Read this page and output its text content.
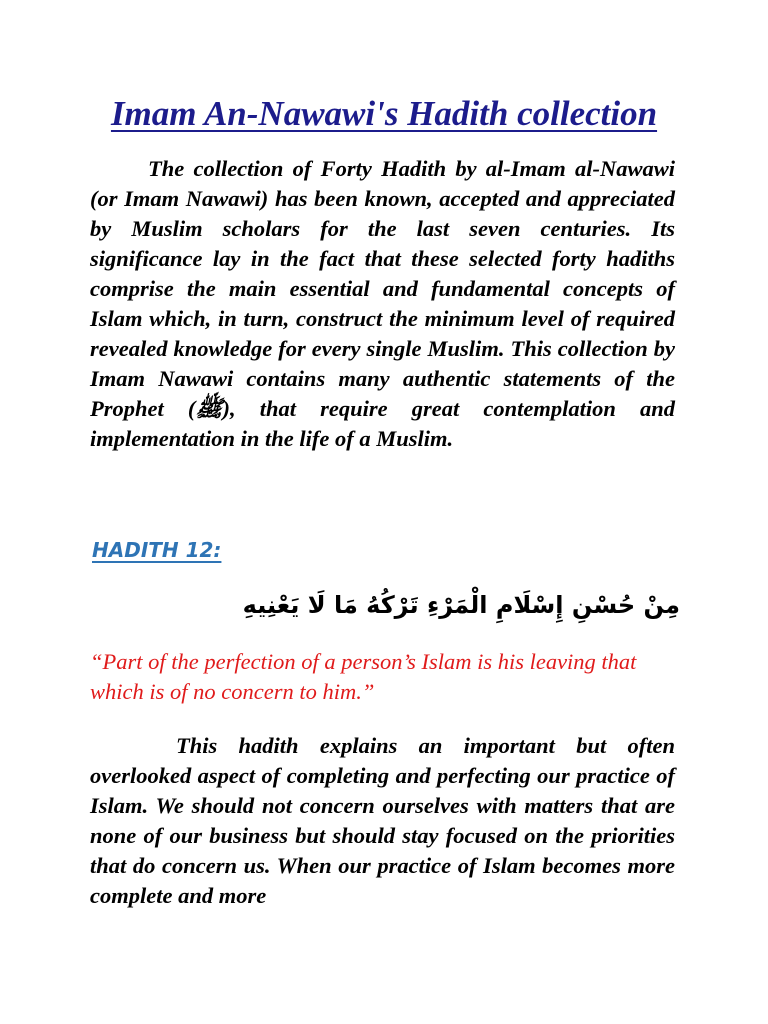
Imam An-Nawawi's Hadith collection

The collection of Forty Hadith by al-Imam al-Nawawi (or Imam Nawawi) has been known, accepted and appreciated by Muslim scholars for the last seven centuries. Its significance lay in the fact that these selected forty hadiths comprise the main essential and fundamental concepts of Islam which, in turn, construct the minimum level of required revealed knowledge for every single Muslim. This collection by Imam Nawawi contains many authentic statements of the Prophet (ﷺ), that require great contemplation and implementation in the life of a Muslim.

HADITH 12:

مِنْ حُسْنِ إِسْلَامِ الْمَرْءِ تَرْكُهُ مَا لَا يَعْنِيهِ

“Part of the perfection of a person’s Islam is his leaving that which is of no concern to him.”

This hadith explains an important but often overlooked aspect of completing and perfecting our practice of Islam. We should not concern ourselves with matters that are none of our business but should stay focused on the priorities that do concern us. When our practice of Islam becomes more complete and more
